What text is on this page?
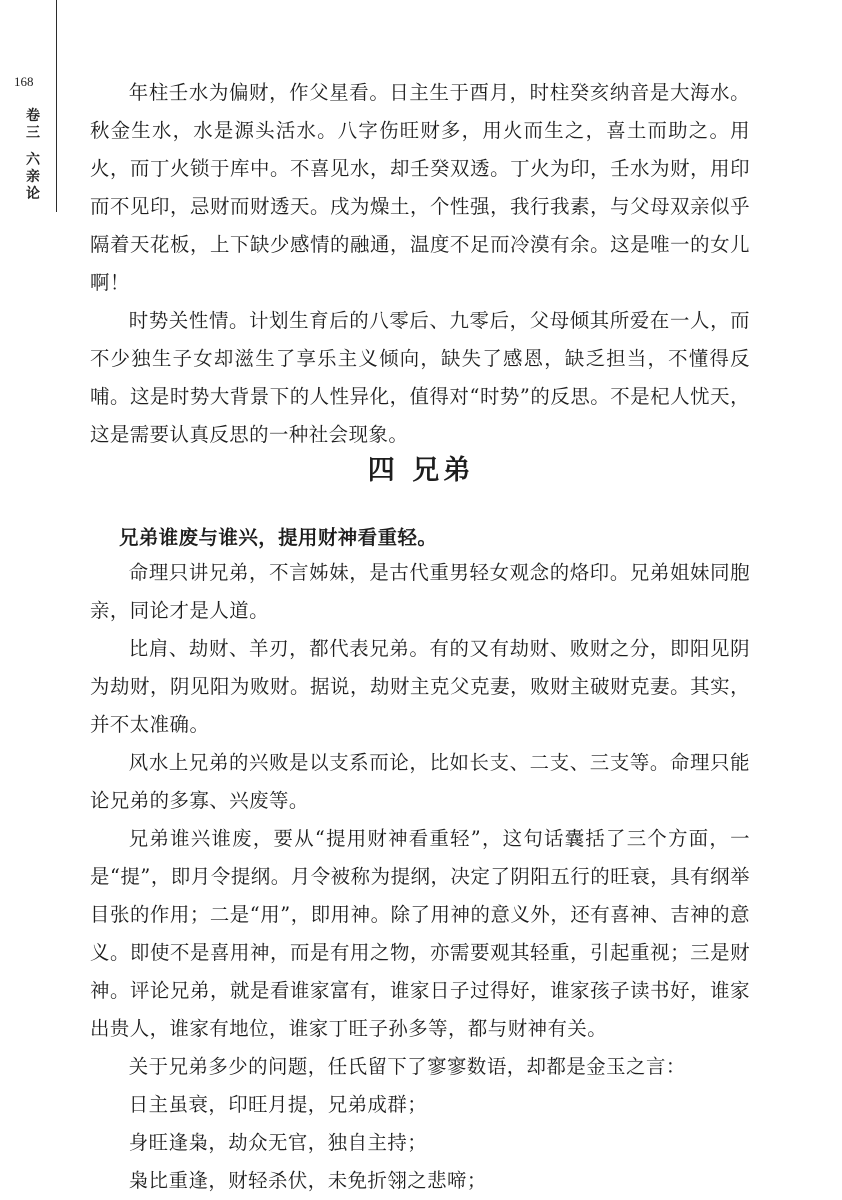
168
卷
三
六
亲
论

年柱壬水为偏财，作父星看。日主生于酉月，时柱癸亥纳音是大海水。秋金生水，水是源头活水。八字伤旺财多，用火而生之，喜土而助之。用火，而丁火锁于库中。不喜见水，却壬癸双透。丁火为印，壬水为财，用印而不见印，忌财而财透天。戌为燥土，个性强，我行我素，与父母双亲似乎隔着天花板，上下缺少感情的融通，温度不足而冷漠有余。这是唯一的女儿啊！

时势关性情。计划生育后的八零后、九零后，父母倾其所爱在一人，而不少独生子女却滋生了享乐主义倾向，缺失了感恩，缺乏担当，不懂得反哺。这是时势大背景下的人性异化，值得对“时势”的反思。不是杞人忧天，这是需要认真反思的一种社会现象。

四 兄弟

兄弟谁废与谁兴，提用财神看重轻。

命理只讲兄弟，不言姊妹，是古代重男轻女观念的烙印。兄弟姐妹同胞亲，同论才是人道。

比肩、劫财、羊刃，都代表兄弟。有的又有劫财、败财之分，即阳见阴为劫财，阴见阳为败财。据说，劫财主克父克妻，败财主破财克妻。其实，并不太准确。

风水上兄弟的兴败是以支系而论，比如长支、二支、三支等。命理只能论兄弟的多寡、兴废等。

兄弟谁兴谁废，要从“提用财神看重轻”，这句话囊括了三个方面，一是“提”，即月令提纲。月令被称为提纲，决定了阴阳五行的旺衰，具有纲举目张的作用；二是“用”，即用神。除了用神的意义外，还有喜神、吉神的意义。即使不是喜用神，而是有用之物，亦需要观其轻重，引起重视；三是财神。评论兄弟，就是看谁家富有，谁家日子过得好，谁家孩子读书好，谁家出贵人，谁家有地位，谁家丁旺子孙多等，都与财神有关。

关于兄弟多少的问题，任氏留下了寥寥数语，却都是金玉之言：

日主虽衰，印旺月提，兄弟成群；

身旺逢枭，劫众无官，独自主持；

枭比重逢，财轻杀伏，未免折翎之悲啼；
